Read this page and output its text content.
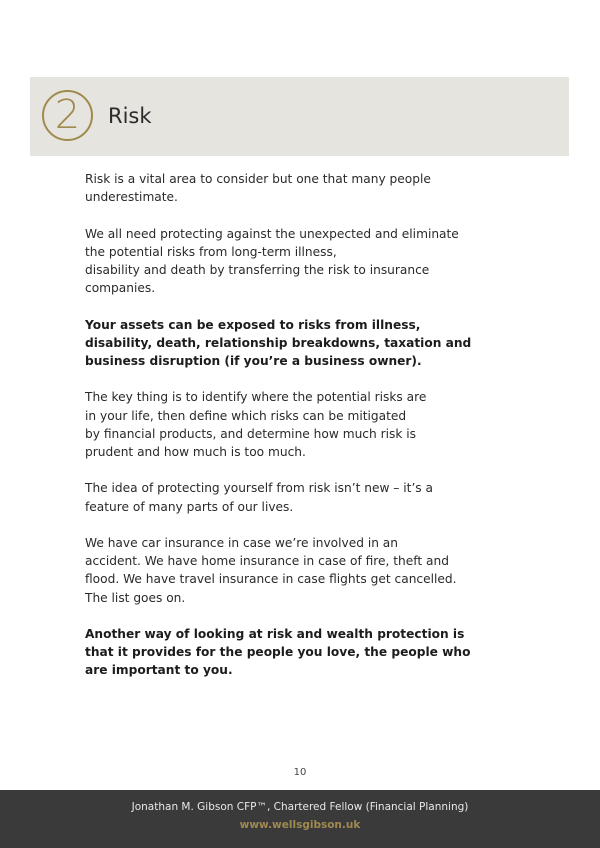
2	Risk

Risk is a vital area to consider but one that many people
underestimate.

We all need protecting against the unexpected and eliminate
the potential risks from long-term illness,
disability and death by transferring the risk to insurance
companies.

Your assets can be exposed to risks from illness,
disability, death, relationship breakdowns, taxation and
business disruption (if you’re a business owner).

The key thing is to identify where the potential risks are
in your life, then define which risks can be mitigated
by financial products, and determine how much risk is
prudent and how much is too much.

The idea of protecting yourself from risk isn’t new – it’s a
feature of many parts of our lives.

We have car insurance in case we’re involved in an
accident. We have home insurance in case of fire, theft and
flood. We have travel insurance in case flights get cancelled.
The list goes on.

Another way of looking at risk and wealth protection is
that it provides for the people you love, the people who
are important to you.

10
Jonathan M. Gibson CFP™, Chartered Fellow (Financial Planning)
www.wellsgibson.uk
